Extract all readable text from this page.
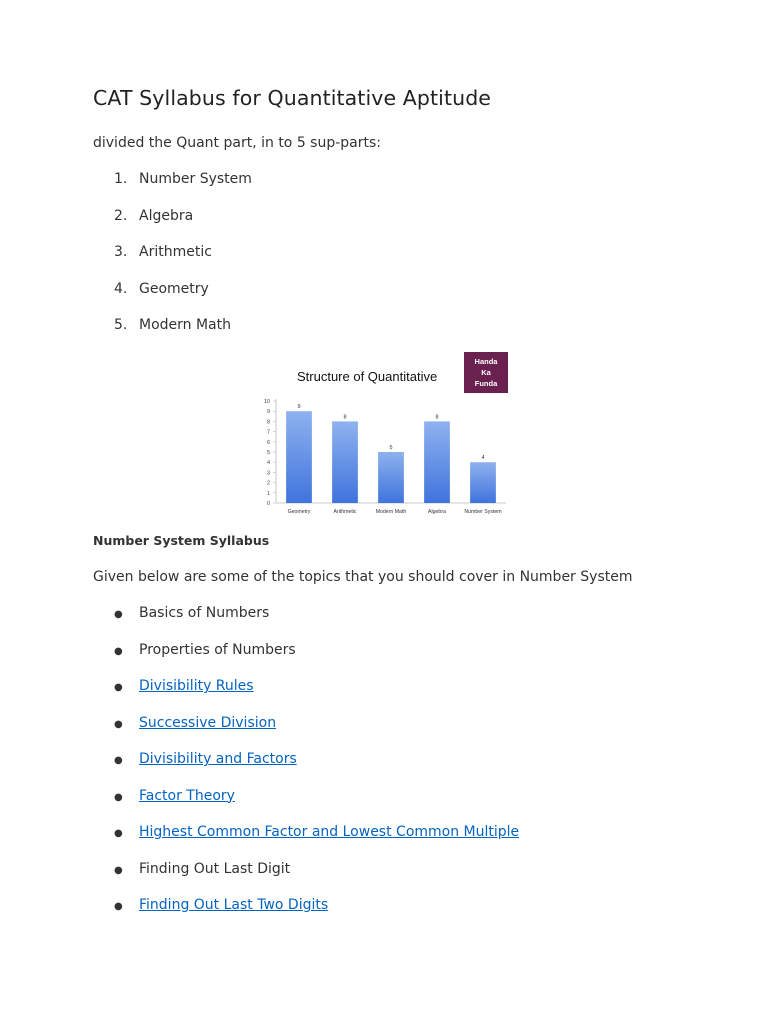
CAT Syllabus for Quantitative Aptitude

divided the Quant part, in to 5 sup-parts:

1. Number System
2. Algebra
3. Arithmetic
4. Geometry
5. Modern Math
Structure of Quantitative
Handa
Ka
Funda
0
1
2
3
4
5
6
7
8
9
10
9
Geometry
8
Arithmetic
5
Modern Math
8
Algebra
4
Number System

Number System Syllabus

Given below are some of the topics that you should cover in Number System

●	Basics of Numbers
●	Properties of Numbers
●	Divisibility Rules
●	Successive Division
●	Divisibility and Factors
●	Factor Theory
●	Highest Common Factor and Lowest Common Multiple
●	Finding Out Last Digit
●	Finding Out Last Two Digits
